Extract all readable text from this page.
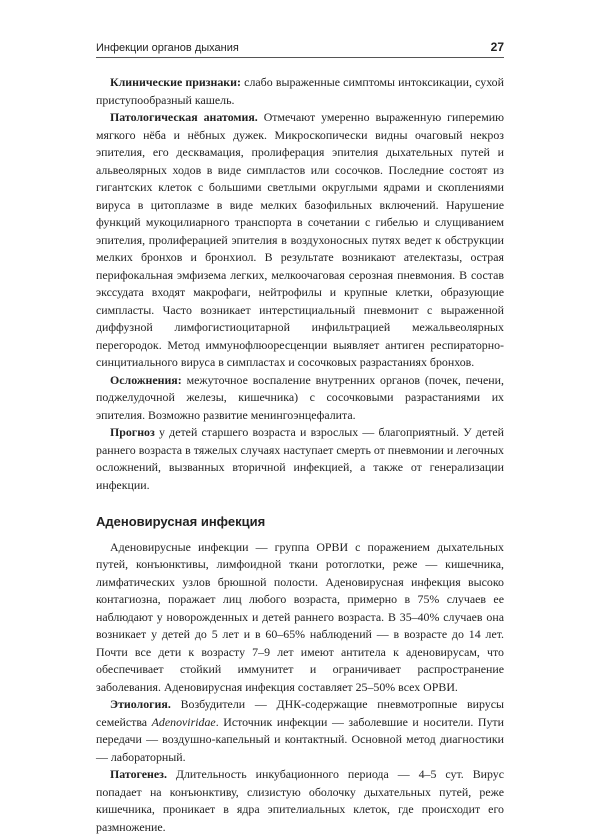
Инфекции органов дыхания	27

Клинические признаки: слабо выраженные симптомы интоксикации, сухой приступообразный кашель.

Патологическая анатомия. Отмечают умеренно выраженную гиперемию мягкого нёба и нёбных дужек. Микроскопически видны очаговый некроз эпителия, его десквамация, пролиферация эпителия дыхательных путей и альвеолярных ходов в виде симпластов или сосочков. Последние состоят из гигантских клеток с большими светлыми округлыми ядрами и скоплениями вируса в цитоплазме в виде мелких базофильных включений. Нарушение функций мукоцилиарного транспорта в сочетании с гибелью и слущиванием эпителия, пролиферацией эпителия в воздухоносных путях ведет к обструкции мелких бронхов и бронхиол. В результате возникают ателектазы, острая перифокальная эмфизема легких, мелкоочаговая серозная пневмония. В состав экссудата входят макрофаги, нейтрофилы и крупные клетки, образующие симпласты. Часто возникает интерстициальный пневмонит с выраженной диффузной лимфогистиоцитарной инфильтрацией межальвеолярных перегородок. Метод иммунофлюоресценции выявляет антиген респираторно-синцитиального вируса в симпластах и сосочковых разрастаниях бронхов.

Осложнения: межуточное воспаление внутренних органов (почек, печени, поджелудочной железы, кишечника) с сосочковыми разрастаниями их эпителия. Возможно развитие менингоэнцефалита.

Прогноз у детей старшего возраста и взрослых — благоприятный. У детей раннего возраста в тяжелых случаях наступает смерть от пневмонии и легочных осложнений, вызванных вторичной инфекцией, а также от генерализации инфекции.

Аденовирусная инфекция

Аденовирусные инфекции — группа ОРВИ с поражением дыхательных путей, конъюнктивы, лимфоидной ткани ротоглотки, реже — кишечника, лимфатических узлов брюшной полости. Аденовирусная инфекция высоко контагиозна, поражает лиц любого возраста, примерно в 75% случаев ее наблюдают у новорожденных и детей раннего возраста. В 35–40% случаев она возникает у детей до 5 лет и в 60–65% наблюдений — в возрасте до 14 лет. Почти все дети к возрасту 7–9 лет имеют антитела к аденовирусам, что обеспечивает стойкий иммунитет и ограничивает распространение заболевания. Аденовирусная инфекция составляет 25–50% всех ОРВИ.

Этиология. Возбудители — ДНК-содержащие пневмотропные вирусы семейства Adenoviridae. Источник инфекции — заболевшие и носители. Пути передачи — воздушно-капельный и контактный. Основной метод диагностики — лабораторный.

Патогенез. Длительность инкубационного периода — 4–5 сут. Вирус попадает на конъюнктиву, слизистую оболочку дыхательных путей, реже кишечника, проникает в ядра эпителиальных клеток, где происходит его размножение.
